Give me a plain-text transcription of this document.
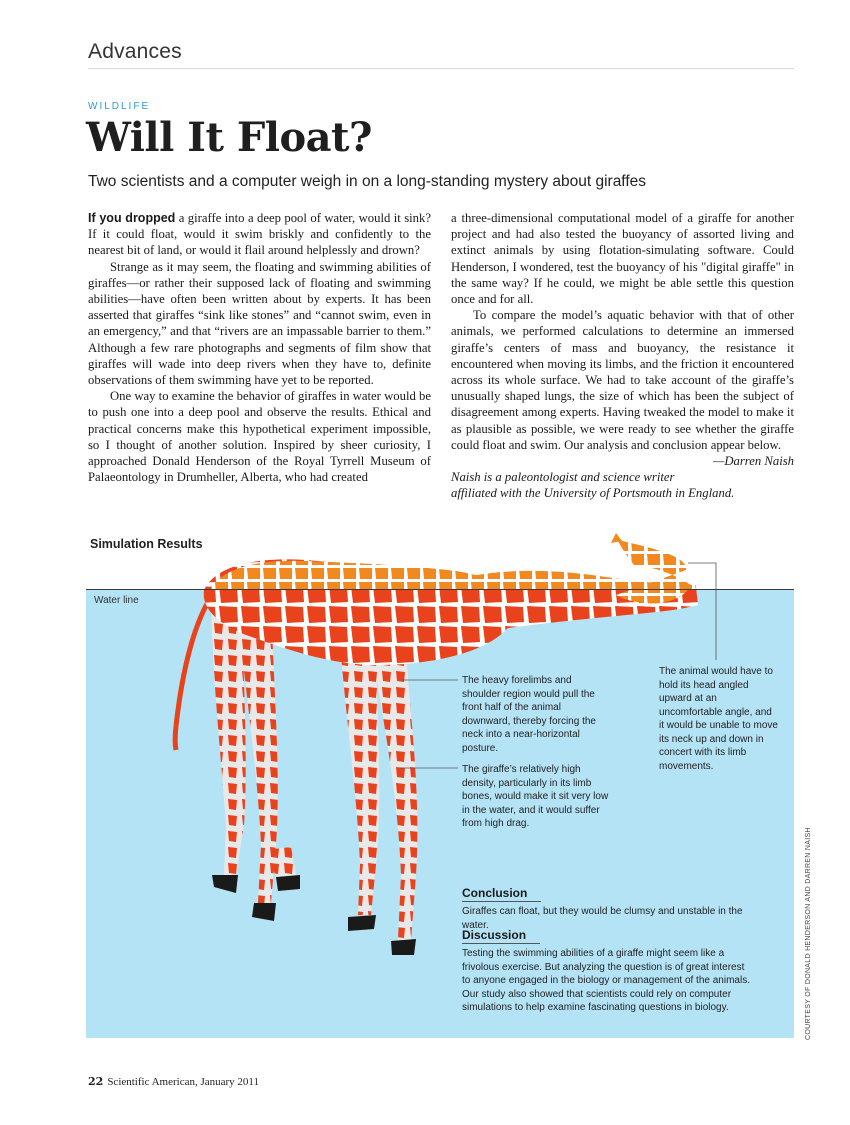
Advances
WILDLIFE
Will It Float?
Two scientists and a computer weigh in on a long-standing mystery about giraffes

If you dropped a giraffe into a deep pool of water, would it sink? If it could float, would it swim briskly and confidently to the nearest bit of land, or would it flail around helplessly and drown?

Strange as it may seem, the floating and swimming abilities of giraffes—or rather their supposed lack of floating and swimming abilities—have often been written about by experts. It has been asserted that giraffes “sink like stones” and “cannot swim, even in an emergency,” and that “rivers are an impassable barrier to them.” Although a few rare photographs and segments of film show that giraffes will wade into deep rivers when they have to, definite observations of them swimming have yet to be reported.

One way to examine the behavior of giraffes in water would be to push one into a deep pool and observe the results. Ethical and practical concerns make this hypothetical experiment impossible, so I thought of another solution. Inspired by sheer curiosity, I approached Donald Henderson of the Royal Tyrrell Museum of Palaeontology in Drumheller, Alberta, who had created

a three-dimensional computational model of a giraffe for another project and had also tested the buoyancy of assorted living and extinct animals by using flotation-simulating software. Could Henderson, I wondered, test the buoyancy of his "digital giraffe" in the same way? If he could, we might be able settle this question once and for all.

To compare the model’s aquatic behavior with that of other animals, we performed calculations to determine an immersed giraffe’s centers of mass and buoyancy, the resistance it encountered when moving its limbs, and the friction it encountered across its whole surface. We had to take account of the giraffe’s unusually shaped lungs, the size of which has been the subject of disagreement among experts. Having tweaked the model to make it as plausible as possible, we were ready to see whether the giraffe could float and swim. Our analysis and conclusion appear below.
—Darren Naish

Naish is a paleontologist and science writer affiliated with the University of Portsmouth in England.

Simulation Results
Water line
The heavy forelimbs and shoulder region would pull the front half of the animal downward, thereby forcing the neck into a near-horizontal posture.
The giraffe’s relatively high density, particularly in its limb bones, would make it sit very low in the water, and it would suffer from high drag.
The animal would have to hold its head angled upward at an uncomfortable angle, and it would be unable to move its neck up and down in concert with its limb movements.
Conclusion
Giraffes can float, but they would be clumsy and unstable in the water.
Discussion
Testing the swimming abilities of a giraffe might seem like a frivolous exercise. But analyzing the question is of great interest to anyone engaged in the biology or management of the animals. Our study also showed that scientists could rely on computer simulations to help examine fascinating questions in biology.	COURTESY OF DONALD HENDERSON AND DARREN NAISH
22 Scientific American, January 2011
